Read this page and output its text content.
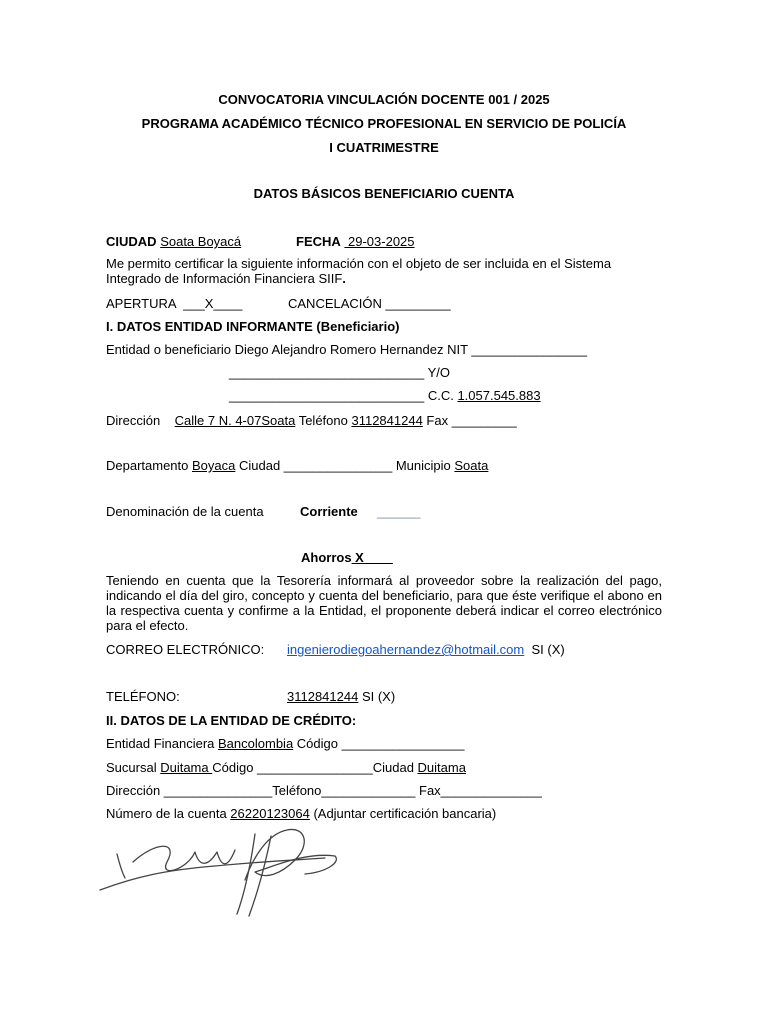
CONVOCATORIA VINCULACIÓN DOCENTE 001 / 2025
PROGRAMA ACADÉMICO TÉCNICO PROFESIONAL EN SERVICIO DE POLICÍA
I CUATRIMESTRE
DATOS BÁSICOS BENEFICIARIO CUENTA
CIUDAD Soata Boyacá	FECHA  29-03-2025
Me permito certificar la siguiente información con el objeto de ser incluida en el Sistema Integrado de Información Financiera SIIF.
APERTURA ___X____	CANCELACIÓN _________
I. DATOS ENTIDAD INFORMANTE (Beneficiario)
Entidad o beneficiario Diego Alejandro Romero Hernandez NIT ________________
___________________________ Y/O
___________________________ C.C. 1.057.545.883
Dirección Calle 7 N. 4-07Soata Teléfono 3112841244 Fax _________
Departamento Boyaca Ciudad _______________ Municipio Soata
Denominación de la cuenta	Corriente ______
Ahorros X____
Teniendo en cuenta que la Tesorería informará al proveedor sobre la realización del pago, indicando el día del giro, concepto y cuenta del beneficiario, para que éste verifique el abono en la respectiva cuenta y confirme a la Entidad, el proponente deberá indicar el correo electrónico para el efecto.
CORREO ELECTRÓNICO: ingenierodiegoahernandez@hotmail.com  SI (X)
TELÉFONO:	3112841244 SI (X)
II. DATOS DE LA ENTIDAD DE CRÉDITO:
Entidad Financiera Bancolombia Código _________________
Sucursal Duitama Código ________________Ciudad Duitama
Dirección _______________Teléfono_____________ Fax______________
Número de la cuenta 26220123064 (Adjuntar certificación bancaria)
